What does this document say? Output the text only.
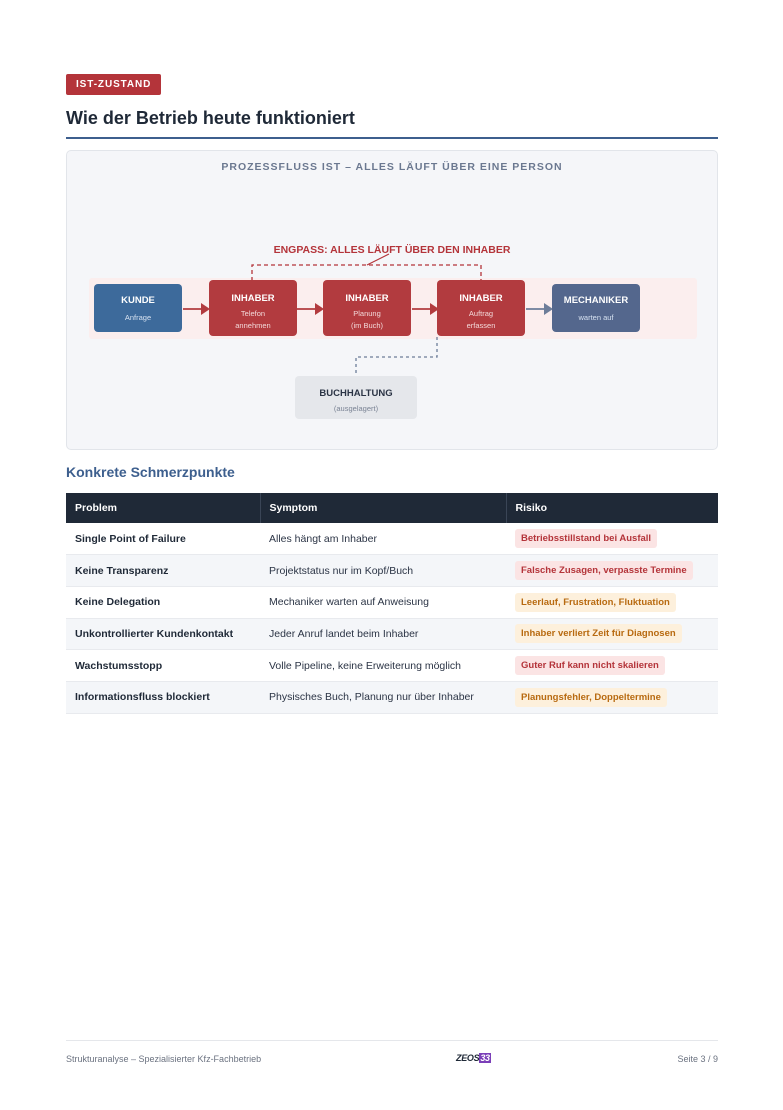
IST-ZUSTAND
Wie der Betrieb heute funktioniert
PROZESSFLUSS IST – ALLES LÄUFT ÜBER EINE PERSON
ENGPASS: ALLES LÄUFT ÜBER DEN INHABER
KUNDE
Anfrage
INHABER
Telefon
annehmen
INHABER
Planung
(im Buch)
INHABER
Auftrag
erfassen
MECHANIKER
warten auf
BUCHHALTUNG
(ausgelagert)
Konkrete Schmerzpunkte
Problem	Symptom	Risiko
Single Point of Failure	Alles hängt am Inhaber	Betriebsstillstand bei Ausfall
Keine Transparenz	Projektstatus nur im Kopf/Buch	Falsche Zusagen, verpasste Termine
Keine Delegation	Mechaniker warten auf Anweisung	Leerlauf, Frustration, Fluktuation
Unkontrollierter Kundenkontakt	Jeder Anruf landet beim Inhaber	Inhaber verliert Zeit für Diagnosen
Wachstumsstopp	Volle Pipeline, keine Erweiterung möglich	Guter Ruf kann nicht skalieren
Informationsfluss blockiert	Physisches Buch, Planung nur über Inhaber	Planungsfehler, Doppeltermine
Strukturanalyse – Spezialisierter Kfz-Fachbetrieb	ZEOS33	Seite 3 / 9
